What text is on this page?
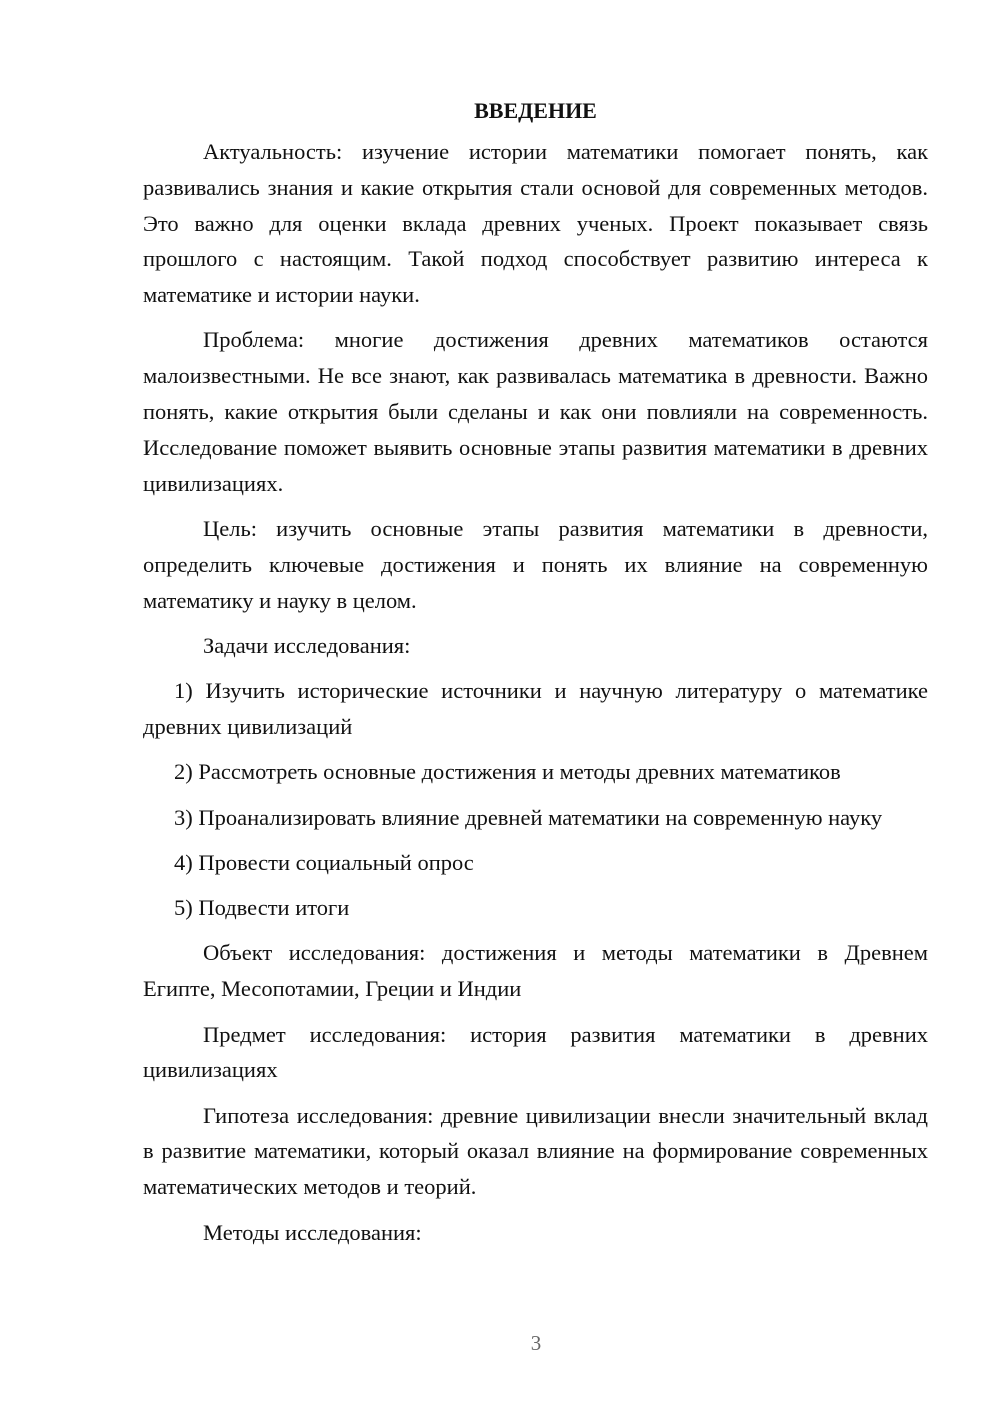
ВВЕДЕНИЕ

Актуальность: изучение истории математики помогает понять, как развивались знания и какие открытия стали основой для современных методов. Это важно для оценки вклада древних ученых. Проект показывает связь прошлого с настоящим. Такой подход способствует развитию интереса к математике и истории науки.

Проблема: многие достижения древних математиков остаются малоизвестными. Не все знают, как развивалась математика в древности. Важно понять, какие открытия были сделаны и как они повлияли на современность. Исследование поможет выявить основные этапы развития математики в древних цивилизациях.

Цель: изучить основные этапы развития математики в древности, определить ключевые достижения и понять их влияние на современную математику и науку в целом.

Задачи исследования:

1) Изучить исторические источники и научную литературу о математике древних цивилизаций

2) Рассмотреть основные достижения и методы древних математиков

3) Проанализировать влияние древней математики на современную науку

4) Провести социальный опрос

5) Подвести итоги

Объект исследования: достижения и методы математики в Древнем Египте, Месопотамии, Греции и Индии

Предмет исследования: история развития математики в древних цивилизациях

Гипотеза исследования: древние цивилизации внесли значительный вклад в развитие математики, который оказал влияние на формирование современных математических методов и теорий.

Методы исследования:

3
